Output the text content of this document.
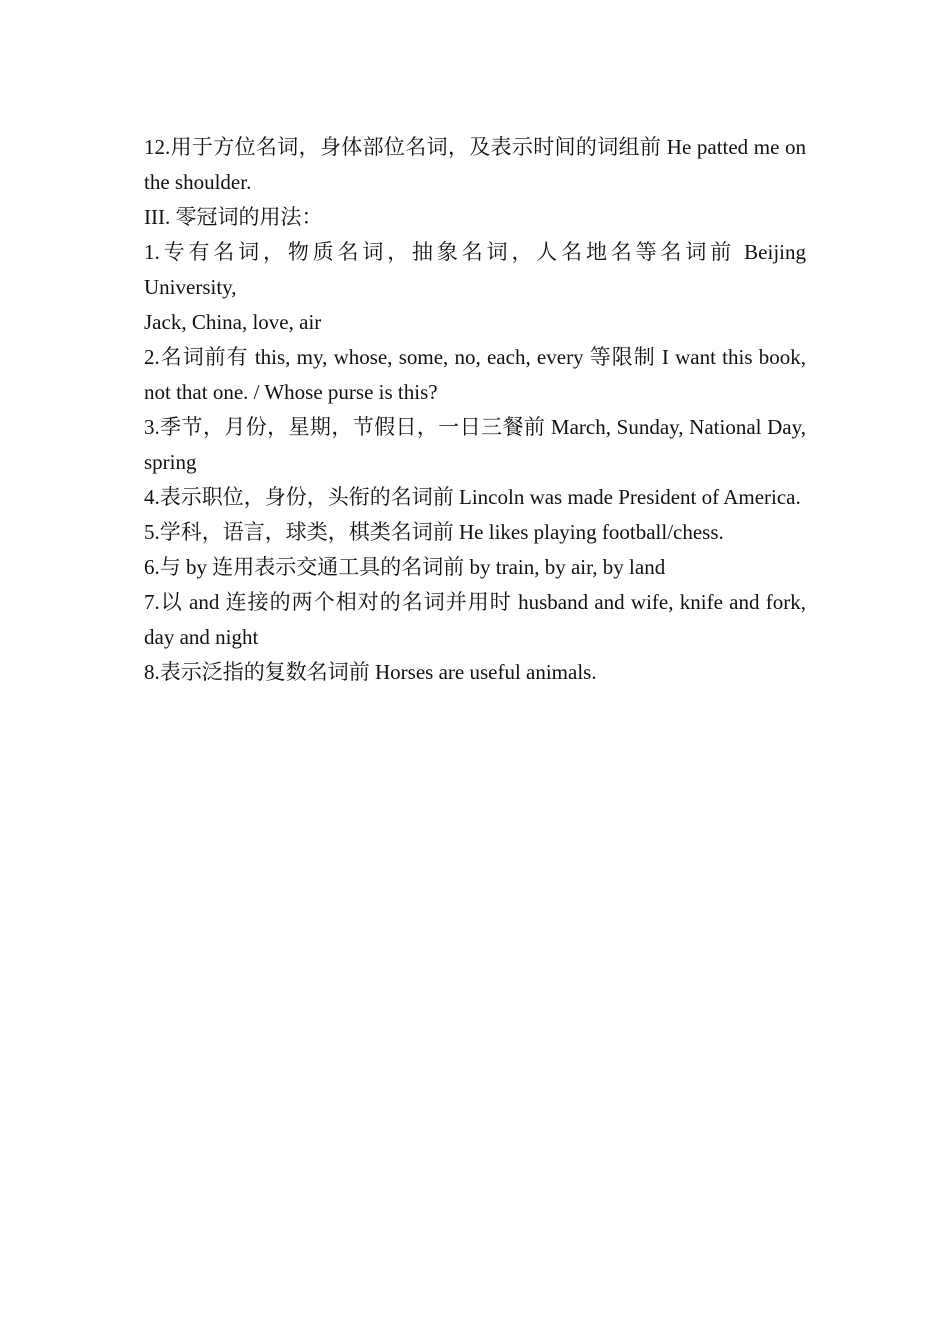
12.用于方位名词，身体部位名词，及表示时间的词组前 He patted me on the shoulder.

III. 零冠词的用法：

1.专有名词，物质名词，抽象名词，人名地名等名词前 Beijing University,

Jack, China, love, air

2.名词前有 this, my, whose, some, no, each, every 等限制 I want this book, not that one. / Whose purse is this?

3.季节，月份，星期，节假日，一日三餐前 March, Sunday, National Day, spring

4.表示职位，身份，头衔的名词前 Lincoln was made President of America.

5.学科，语言，球类，棋类名词前 He likes playing football/chess.

6.与 by 连用表示交通工具的名词前 by train, by air, by land

7.以 and 连接的两个相对的名词并用时 husband and wife, knife and fork, day and night

8.表示泛指的复数名词前 Horses are useful animals.
